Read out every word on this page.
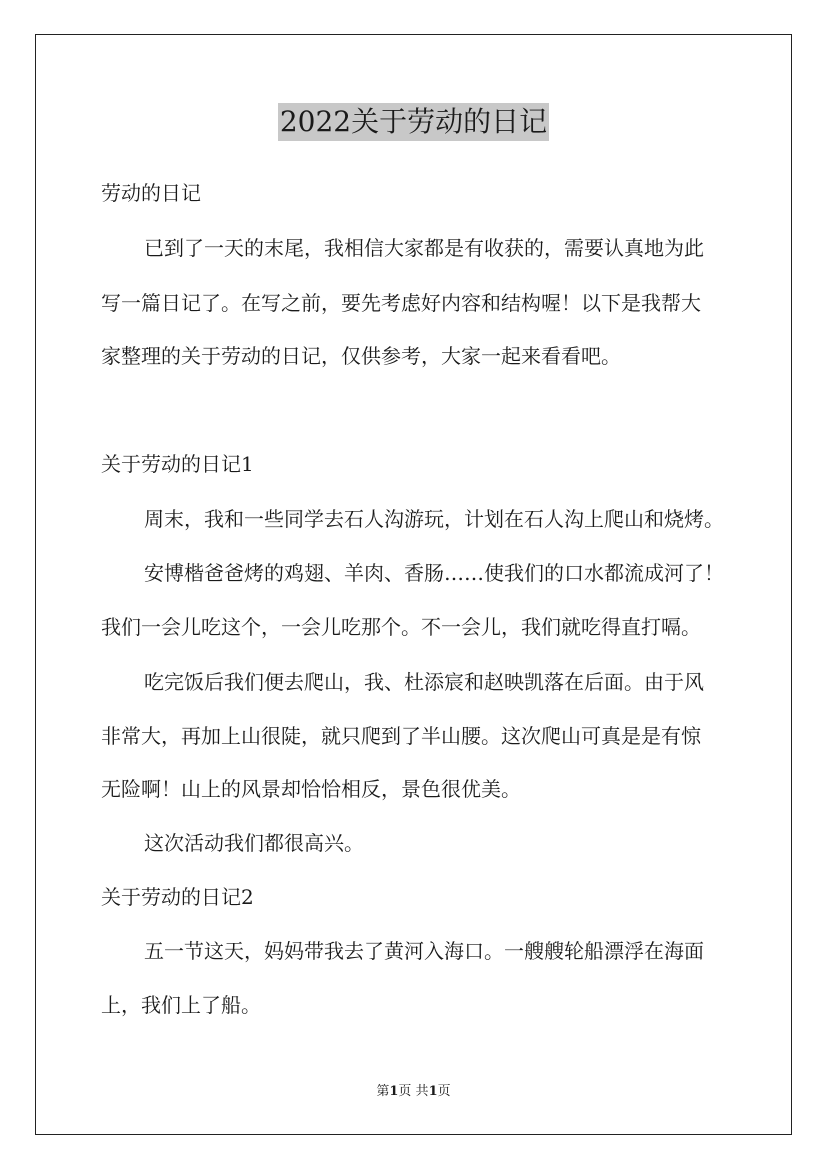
2022关于劳动的日记
劳动的日记
已到了一天的末尾，我相信大家都是有收获的，需要认真地为此
写一篇日记了。在写之前，要先考虑好内容和结构喔！以下是我帮大
家整理的关于劳动的日记，仅供参考，大家一起来看看吧。
关于劳动的日记1
周末，我和一些同学去石人沟游玩，计划在石人沟上爬山和烧烤。
安博楷爸爸烤的鸡翅、羊肉、香肠……使我们的口水都流成河了！
我们一会儿吃这个，一会儿吃那个。不一会儿，我们就吃得直打嗝。
吃完饭后我们便去爬山，我、杜添宸和赵映凯落在后面。由于风
非常大，再加上山很陡，就只爬到了半山腰。这次爬山可真是是有惊
无险啊！山上的风景却恰恰相反，景色很优美。
这次活动我们都很高兴。
关于劳动的日记2
五一节这天，妈妈带我去了黄河入海口。一艘艘轮船漂浮在海面
上，我们上了船。
第1页 共1页
